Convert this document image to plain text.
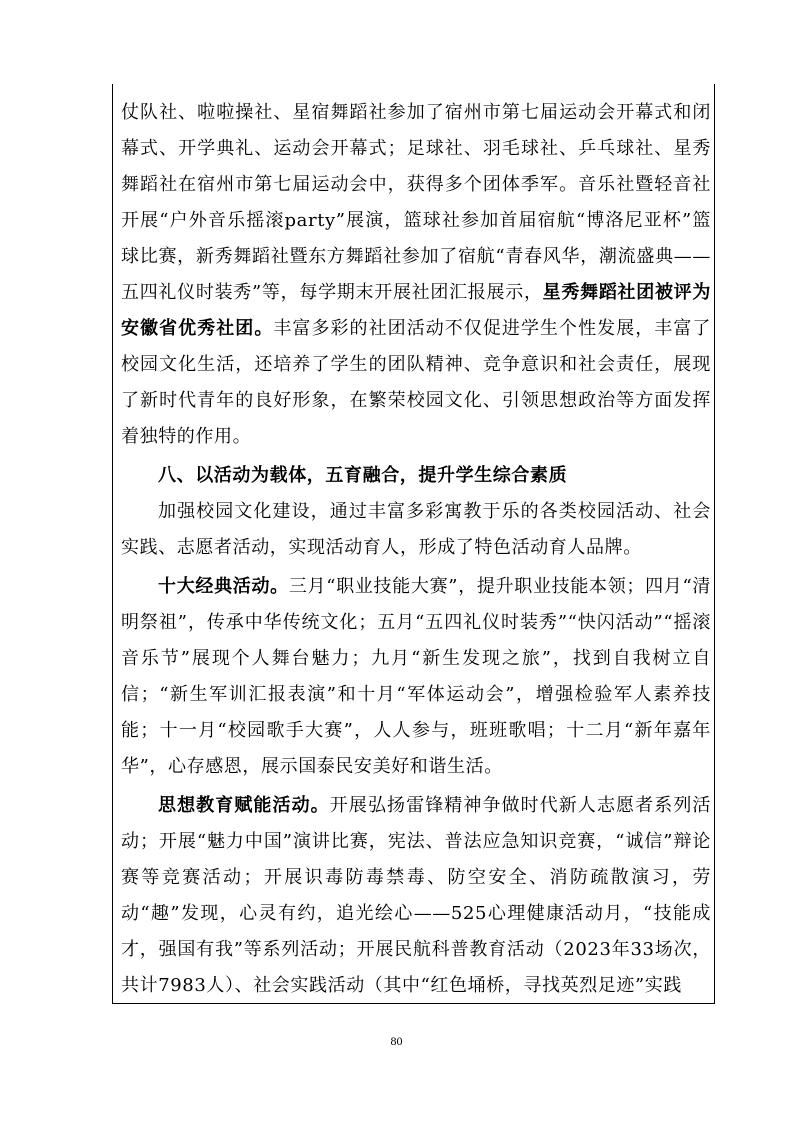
仗队社、啦啦操社、星宿舞蹈社参加了宿州市第七届运动会开幕式和闭幕式、开学典礼、运动会开幕式；足球社、羽毛球社、乒乓球社、星秀舞蹈社在宿州市第七届运动会中，获得多个团体季军。音乐社暨轻音社开展“户外音乐摇滚party”展演，篮球社参加首届宿航“博洛尼亚杯”篮球比赛，新秀舞蹈社暨东方舞蹈社参加了宿航“青春风华，潮流盛典——五四礼仪时装秀”等，每学期末开展社团汇报展示，星秀舞蹈社团被评为安徽省优秀社团。丰富多彩的社团活动不仅促进学生个性发展，丰富了校园文化生活，还培养了学生的团队精神、竞争意识和社会责任，展现了新时代青年的良好形象，在繁荣校园文化、引领思想政治等方面发挥着独特的作用。

八、以活动为载体，五育融合，提升学生综合素质

加强校园文化建设，通过丰富多彩寓教于乐的各类校园活动、社会实践、志愿者活动，实现活动育人，形成了特色活动育人品牌。

十大经典活动。三月“职业技能大赛”，提升职业技能本领；四月“清明祭祖”，传承中华传统文化；五月“五四礼仪时装秀”“快闪活动”“摇滚音乐节”展现个人舞台魅力；九月“新生发现之旅”，找到自我树立自信；“新生军训汇报表演”和十月“军体运动会”，增强检验军人素养技能；十一月“校园歌手大赛”，人人参与，班班歌唱；十二月“新年嘉年华”，心存感恩，展示国泰民安美好和谐生活。

思想教育赋能活动。开展弘扬雷锋精神争做时代新人志愿者系列活动；开展“魅力中国”演讲比赛，宪法、普法应急知识竞赛，“诚信”辩论赛等竞赛活动；开展识毒防毒禁毒、防空安全、消防疏散演习，劳动“趣”发现，心灵有约，追光绘心——525心理健康活动月，“技能成才，强国有我”等系列活动；开展民航科普教育活动（2023年33场次，共计7983人）、社会实践活动（其中“红色埇桥，寻找英烈足迹”实践

80
